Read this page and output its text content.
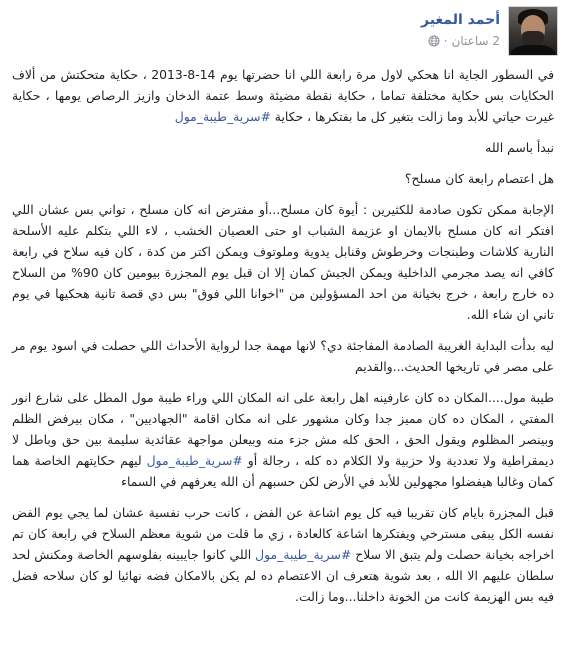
أحمد المغير
2 ساعتان
·

في السطور الجاية انا هحكي لاول مرة رابعة اللي انا حضرتها يوم 14-8-2013 ، حكاية متحكتش من ألاف الحكايات بس حكاية مختلفة تماما ، حكاية نقطة مضيئة وسط عتمة الدخان وازيز الرصاص يومها ، حكاية غيرت حياتي للأبد وما زالت بتغير كل ما بفتكرها ، حكاية #سرية_طيبة_مول

نبدأ باسم الله

هل اعتصام رابعة كان مسلح؟

الإجابة ممكن تكون صادمة للكثيرين : أيوة كان مسلح...أو مفترض انه كان مسلح ، تواني بس عشان اللي افتكر انه كان مسلح بالايمان او عزيمة الشباب او حتى العصيان الخشب ، لاء اللي بتكلم عليه الأسلحة النارية كلاشات وطبنجات وخرطوش وقنابل يدوية وملوتوف ويمكن اكتر من كدة ، كان فيه سلاح في رابعة كافي انه يصد مجرمي الداخلية ويمكن الجيش كمان إلا ان قبل يوم المجزرة بيومين كان 90% من السلاح ده خارج رابعة ، خرج بخيانة من احد المسؤولين من "اخوانا اللي فوق" بس دي قصة تانية هحكيها في يوم تاني ان شاء الله.

ليه بدأت البداية الغريبة الصادمة المفاجئة دي؟ لانها مهمة جدا لرواية الأحداث اللي حصلت في اسود يوم مر على مصر في تاريخها الحديث...والقديم

طيبة مول....المكان ده كان عارفينه اهل رابعة على انه المكان اللي وراء طيبة مول المطل على شارع انور المفتي ، المكان ده كان مميز جدا وكان مشهور على انه مكان اقامة "الجهاديين" ، مكان بيرفض الظلم وبينصر المظلوم ويقول الحق ، الحق كله مش جزء منه وبيعلن مواجهة عقائدية سليمة بين حق وباطل لا ديمقراطية ولا تعددية ولا حزبية ولا الكلام ده كله ، رجالة أو #سرية_طيبة_مول ليهم حكايتهم الخاصة هما كمان وغالبا هيفضلوا مجهولين للأبد في الأرض لكن حسبهم أن الله يعرفهم في السماء

قبل المجزرة بايام كان تقريبا فيه كل يوم اشاعة عن الفض ، كانت حرب نفسية عشان لما يجي يوم الفض نفسه الكل يبقى مسترخي ويفتكرها اشاعة كالعادة ، زي ما قلت من شوية معظم السلاح في رابعة كان تم اخراجه بخيانة حصلت ولم يتبق الا سلاح #سرية_طيبة_مول اللي كانوا جايبينه بفلوسهم الخاصة ومكنش لحد سلطان عليهم الا الله ، بعد شوية هتعرف ان الاعتصام ده لم يكن بالامكان فضه نهائيا لو كان سلاحه فضل فيه بس الهزيمة كانت من الخونة داخلنا...وما زالت.
